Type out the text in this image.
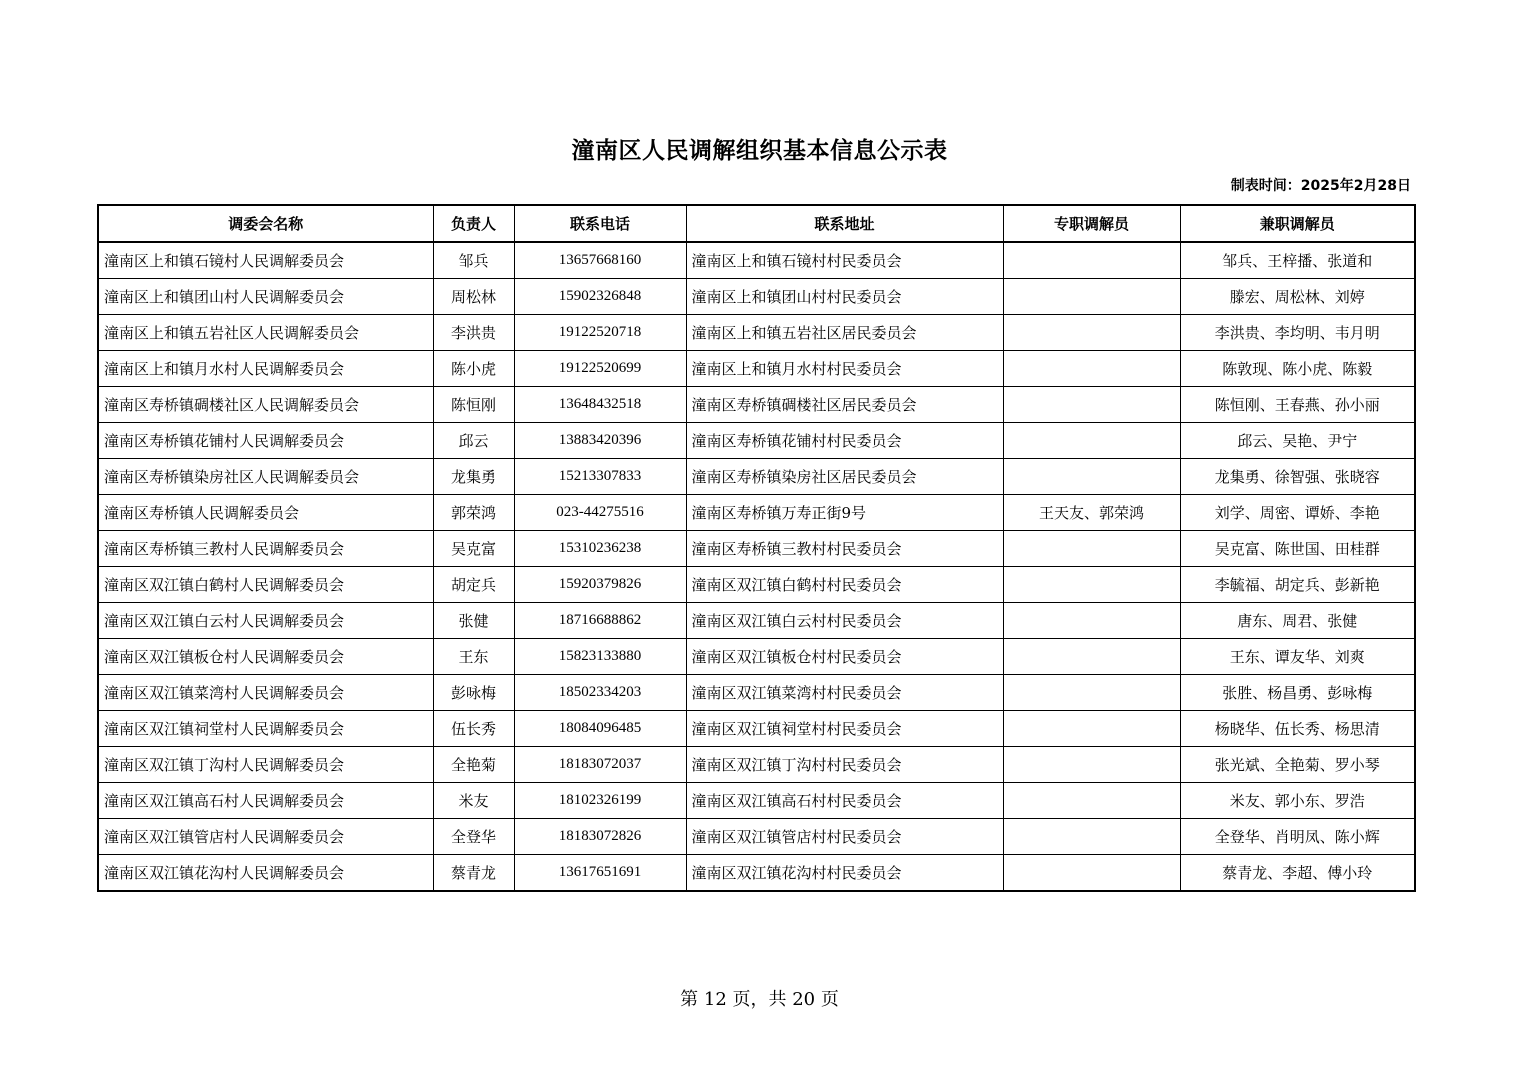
潼南区人民调解组织基本信息公示表
制表时间：2025年2月28日
调委会名称	负责人	联系电话	联系地址	专职调解员	兼职调解员
潼南区上和镇石镜村人民调解委员会	邹兵	13657668160	潼南区上和镇石镜村村民委员会		邹兵、王梓播、张道和
潼南区上和镇团山村人民调解委员会	周松林	15902326848	潼南区上和镇团山村村民委员会		滕宏、周松林、刘婷
潼南区上和镇五岩社区人民调解委员会	李洪贵	19122520718	潼南区上和镇五岩社区居民委员会		李洪贵、李均明、韦月明
潼南区上和镇月水村人民调解委员会	陈小虎	19122520699	潼南区上和镇月水村村民委员会		陈敦现、陈小虎、陈毅
潼南区寿桥镇碉楼社区人民调解委员会	陈恒刚	13648432518	潼南区寿桥镇碉楼社区居民委员会		陈恒刚、王春燕、孙小丽
潼南区寿桥镇花铺村人民调解委员会	邱云	13883420396	潼南区寿桥镇花铺村村民委员会		邱云、吴艳、尹宁
潼南区寿桥镇染房社区人民调解委员会	龙集勇	15213307833	潼南区寿桥镇染房社区居民委员会		龙集勇、徐智强、张晓容
潼南区寿桥镇人民调解委员会	郭荣鸿	023-44275516	潼南区寿桥镇万寿正街9号	王天友、郭荣鸿	刘学、周密、谭娇、李艳
潼南区寿桥镇三教村人民调解委员会	吴克富	15310236238	潼南区寿桥镇三教村村民委员会		吴克富、陈世国、田桂群
潼南区双江镇白鹤村人民调解委员会	胡定兵	15920379826	潼南区双江镇白鹤村村民委员会		李毓福、胡定兵、彭新艳
潼南区双江镇白云村人民调解委员会	张健	18716688862	潼南区双江镇白云村村民委员会		唐东、周君、张健
潼南区双江镇板仓村人民调解委员会	王东	15823133880	潼南区双江镇板仓村村民委员会		王东、谭友华、刘爽
潼南区双江镇菜湾村人民调解委员会	彭咏梅	18502334203	潼南区双江镇菜湾村村民委员会		张胜、杨昌勇、彭咏梅
潼南区双江镇祠堂村人民调解委员会	伍长秀	18084096485	潼南区双江镇祠堂村村民委员会		杨晓华、伍长秀、杨思清
潼南区双江镇丁沟村人民调解委员会	全艳菊	18183072037	潼南区双江镇丁沟村村民委员会		张光斌、全艳菊、罗小琴
潼南区双江镇高石村人民调解委员会	米友	18102326199	潼南区双江镇高石村村民委员会		米友、郭小东、罗浩
潼南区双江镇管店村人民调解委员会	全登华	18183072826	潼南区双江镇管店村村民委员会		全登华、肖明凤、陈小辉
潼南区双江镇花沟村人民调解委员会	蔡青龙	13617651691	潼南区双江镇花沟村村民委员会		蔡青龙、李超、傅小玲
第 12 页，共 20 页
